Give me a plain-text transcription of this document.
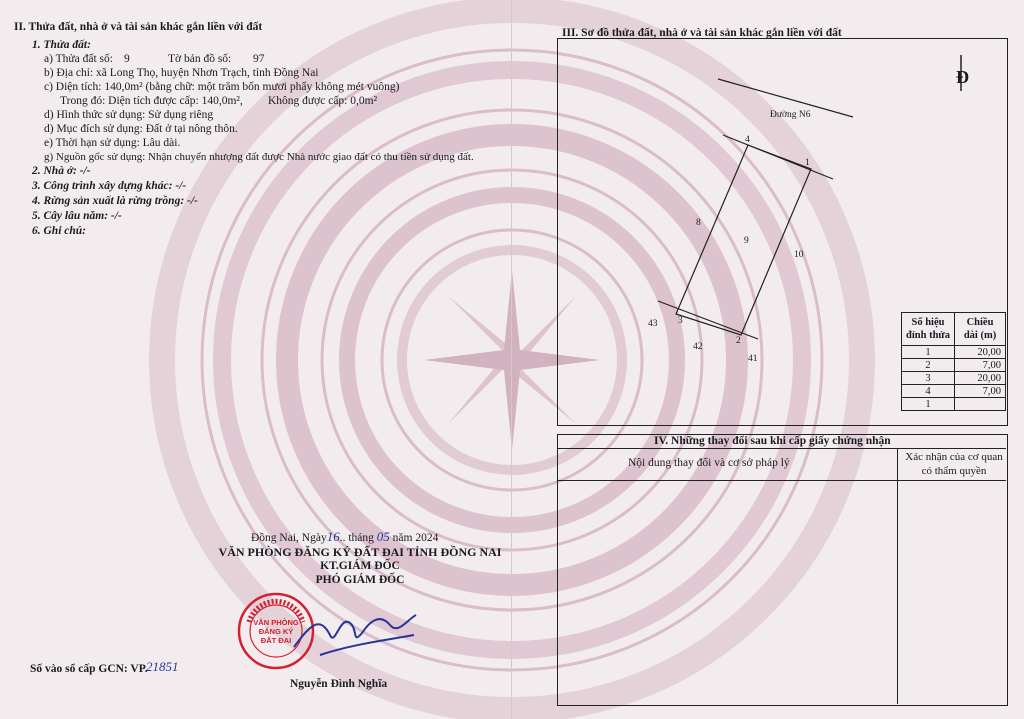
II. Thửa đất, nhà ở và tài sản khác gắn liền với đất
1. Thửa đất:
a) Thửa đất số: 9	Tờ bản đồ số: 97
b) Địa chỉ: xã Long Thọ, huyện Nhơn Trạch, tỉnh Đồng Nai
c) Diện tích: 140,0m² (bằng chữ: một trăm bốn mươi phẩy không mét vuông)
Trong đó: Diện tích được cấp: 140,0m², Không được cấp: 0,0m²
d) Hình thức sử dụng: Sử dụng riêng
d) Mục đích sử dụng: Đất ở tại nông thôn.
e) Thời hạn sử dụng: Lâu dài.
g) Nguồn gốc sử dụng: Nhận chuyển nhượng đất được Nhà nước giao đất có thu tiền sử dụng đất.
2. Nhà ở: -/-
3. Công trình xây dựng khác: -/-
4. Rừng sản xuất là rừng trồng: -/-
5. Cây lâu năm: -/-
6. Ghi chú:
Đồng Nai, Ngày16.. tháng 05 năm 2024
VĂN PHÒNG ĐĂNG KÝ ĐẤT ĐAI TỈNH ĐỒNG NAI
KT.GIÁM ĐỐC
PHÓ GIÁM ĐỐC
VĂN PHÒNG
ĐĂNG KÝ
ĐẤT ĐAI
Nguyễn Đình Nghĩa
Số vào sổ cấp GCN: VP.
21851
III. Sơ đồ thửa đất, nhà ở và tài sản khác gắn liền với đất
Đường N6
4
1
3
2
9
8
10
43
42
41
Đ
Số hiệu đỉnh thửa	Chiều dài (m)
1	20,00
2	7,00
3	20,00
4	7,00
1	
IV. Những thay đổi sau khi cấp giấy chứng nhận
Nội dung thay đổi và cơ sở pháp lý	Xác nhận của cơ quan có thẩm quyền
